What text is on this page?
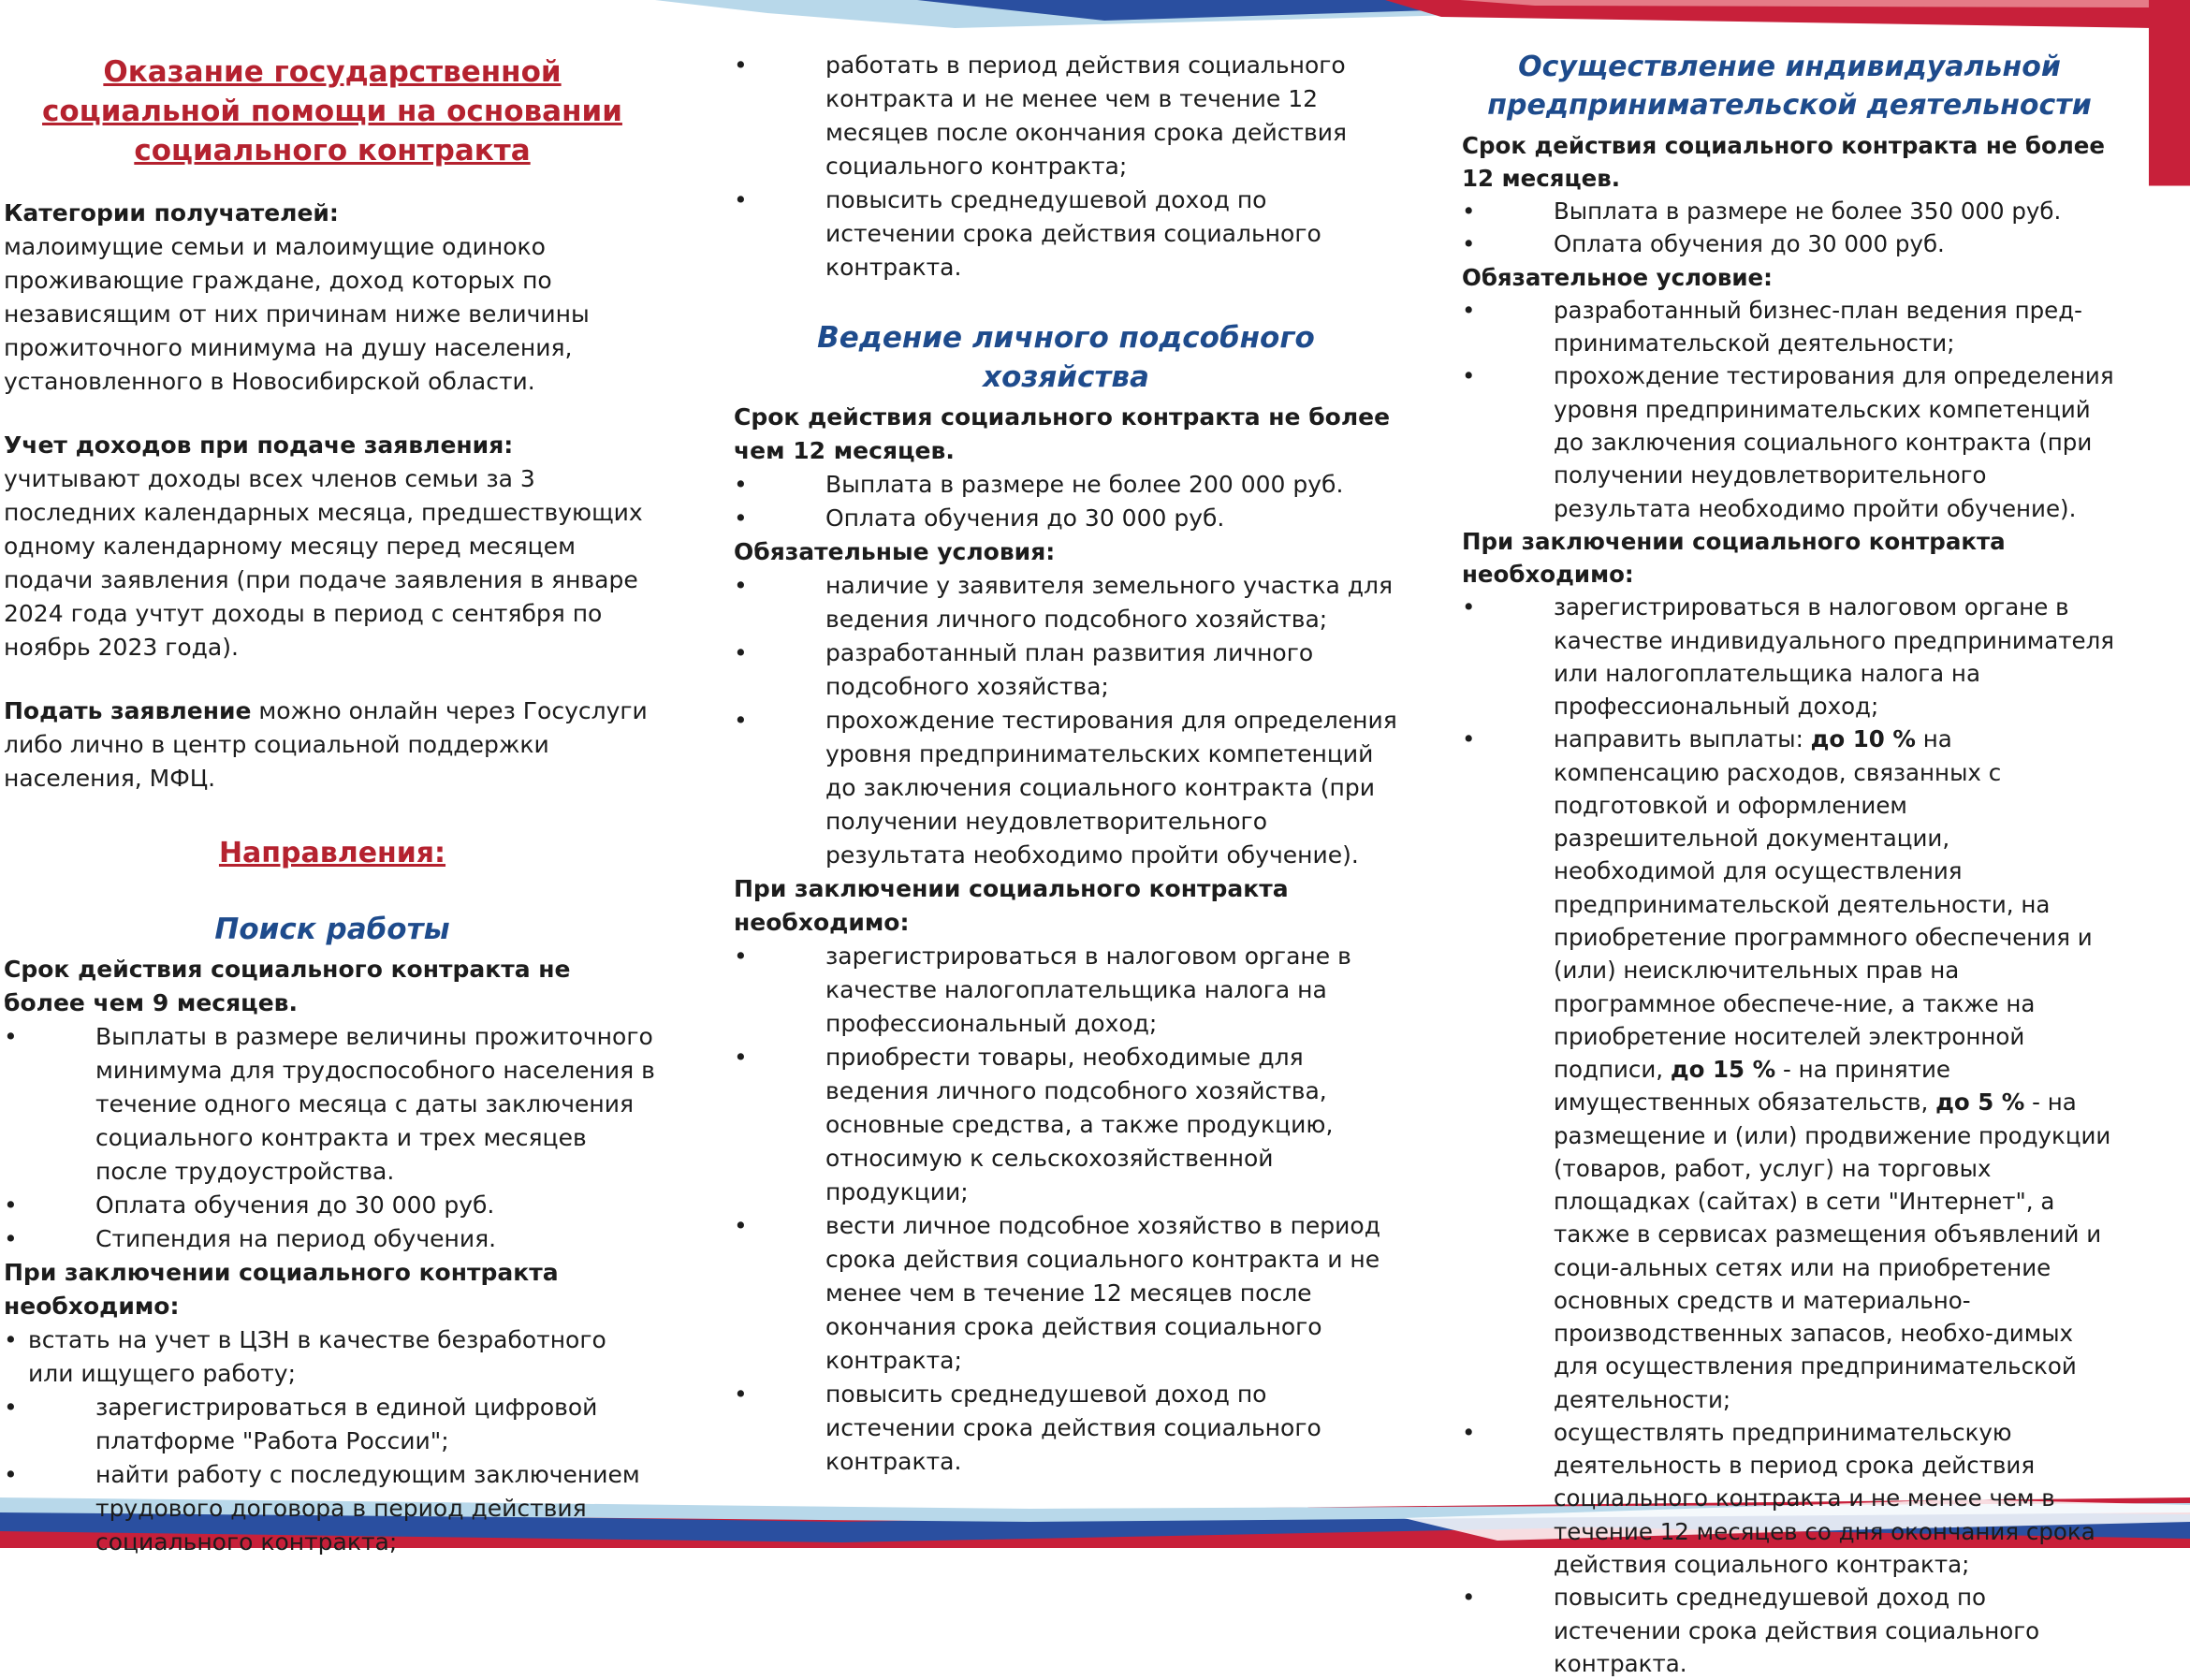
Оказание государственной социальной помощи на основании социального контракта

Категории получателей:
малоимущие семьи и малоимущие одиноко проживающие граждане, доход которых по независящим от них причинам ниже величины прожиточного минимума на душу населения, установленного в Новосибирской области.

Учет доходов при подаче заявления: учитывают доходы всех членов семьи за 3 последних календарных месяца, предшествующих одному календарному месяцу перед месяцем подачи заявления (при подаче заявления в январе 2024 года учтут доходы в период с сентября по ноябрь 2023 года).

Подать заявление можно онлайн через Госуслуги либо лично в центр социальной поддержки населения, МФЦ.

Направления:
Поиск работы

Срок действия социального контракта не более чем 9 месяцев.

•	Выплаты в размере величины прожиточного минимума для трудоспособного населения в течение одного месяца с даты заключения социального контракта и трех месяцев после трудоустройства.
•	Оплата обучения до 30 000 руб.
•	Стипендия на период обучения.

При заключении социального контракта необходимо:

• встать на учет в ЦЗН в качестве безработного или ищущего работу;
•	зарегистрироваться в единой цифровой платформе "Работа России";
•	найти работу с последующим заключением трудового договора в период действия социального контракта;
•	работать в период действия социального контракта и не менее чем в течение 12 месяцев после окончания срока действия социального контракта;
•	повысить среднедушевой доход по истечении срока действия социального контракта.
Ведение личного подсобного хозяйства

Срок действия социального контракта не более чем 12 месяцев.

•	Выплата в размере не более 200 000 руб.
•	Оплата обучения до 30 000 руб.

Обязательные условия:

•	наличие у заявителя земельного участка для ведения личного подсобного хозяйства;
•	разработанный план развития личного подсобного хозяйства;
•	прохождение тестирования для определения уровня предпринимательских компетенций до заключения социального контракта (при получении неудовлетворительного результата необходимо пройти обучение).

При заключении социального контракта необходимо:

•	зарегистрироваться в налоговом органе в качестве налогоплательщика налога на профессиональный доход;
•	приобрести товары, необходимые для ведения личного подсобного хозяйства, основные средства, а также продукцию, относимую к сельскохозяйственной продукции;
•	вести личное подсобное хозяйство в период срока действия социального контракта и не менее чем в течение 12 месяцев после окончания срока действия социального контракта;
•	повысить среднедушевой доход по истечении срока действия социального контракта.
Осуществление индивидуальной предпринимательской деятельности

Срок действия социального контракта не более 12 месяцев.

•	Выплата в размере не более 350 000 руб.
•	Оплата обучения до 30 000 руб.

Обязательное условие:

•	разработанный бизнес-план ведения пред-принимательской деятельности;
•	прохождение тестирования для определения уровня предпринимательских компетенций до заключения социального контракта (при получении неудовлетворительного результата необходимо пройти обучение).

При заключении социального контракта необходимо:

•	зарегистрироваться в налоговом органе в качестве индивидуального предпринимателя или налогоплательщика налога на профессиональный доход;
•	направить выплаты: до 10 % на компенсацию расходов, связанных с подготовкой и оформлением разрешительной документации, необходимой для осуществления предпринимательской деятельности, на приобретение программного обеспечения и (или) неисключительных прав на программное обеспече-ние, а также на приобретение носителей электронной подписи, до 15 % - на принятие имущественных обязательств, до 5 % - на размещение и (или) продвижение продукции (товаров, работ, услуг) на торговых площадках (сайтах) в сети "Интернет", а также в сервисах размещения объявлений и соци-альных сетях или на приобретение основных средств и материально-производственных запасов, необхо-димых для осуществления предпринимательской деятельности;
•	осуществлять предпринимательскую деятельность в период срока действия социального контракта и не менее чем в течение 12 месяцев со дня окончания срока действия социального контракта;
•	повысить среднедушевой доход по истечении срока действия социального контракта.
